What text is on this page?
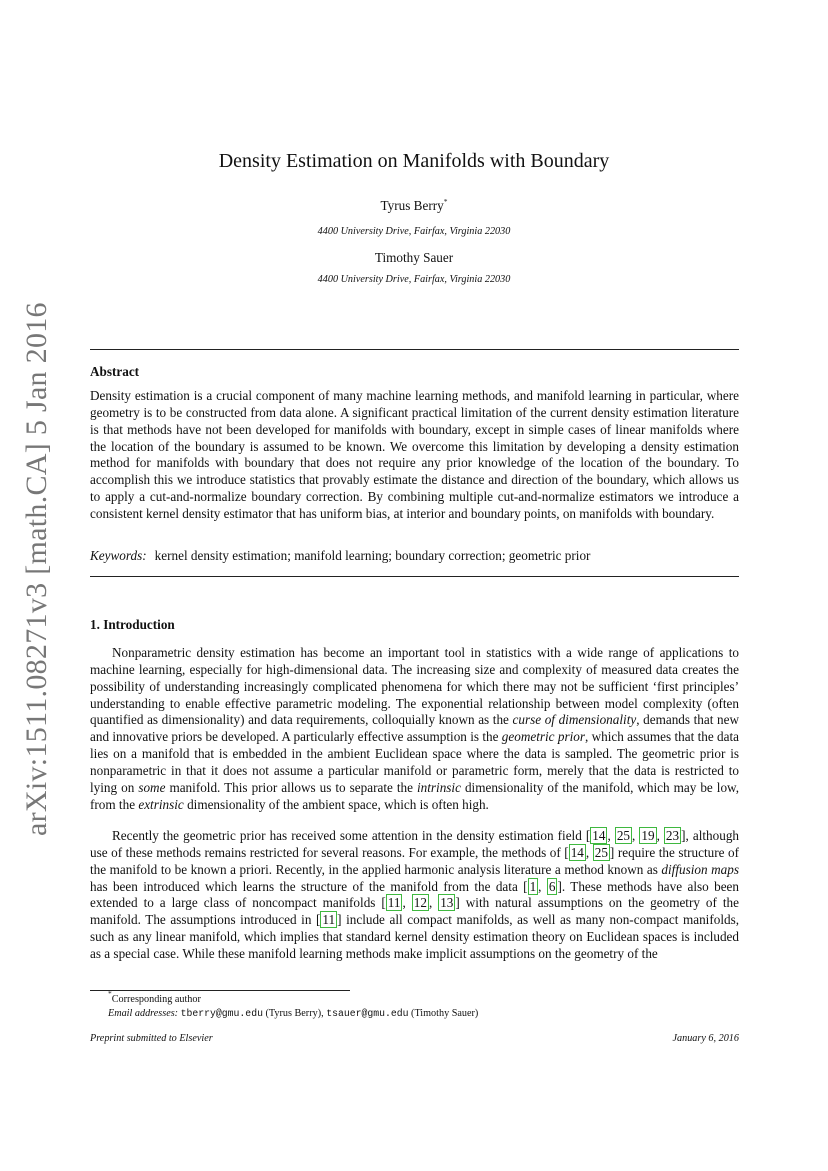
arXiv:1511.08271v3 [math.CA] 5 Jan 2016
Density Estimation on Manifolds with Boundary
Tyrus Berry*
4400 University Drive, Fairfax, Virginia 22030
Timothy Sauer
4400 University Drive, Fairfax, Virginia 22030
Abstract
Density estimation is a crucial component of many machine learning methods, and manifold learning in particular, where geometry is to be constructed from data alone. A significant practical limitation of the current density estimation literature is that methods have not been developed for manifolds with boundary, except in simple cases of linear manifolds where the location of the boundary is assumed to be known. We overcome this limitation by developing a density estimation method for manifolds with boundary that does not require any prior knowledge of the location of the boundary. To accomplish this we introduce statistics that provably estimate the distance and direction of the boundary, which allows us to apply a cut-and-normalize boundary correction. By combining multiple cut-and-normalize estimators we introduce a consistent kernel density estimator that has uniform bias, at interior and boundary points, on manifolds with boundary.
Keywords: kernel density estimation; manifold learning; boundary correction; geometric prior
1. Introduction
Nonparametric density estimation has become an important tool in statistics with a wide range of applications to machine learning, especially for high-dimensional data. The increasing size and complexity of measured data creates the possibility of understanding increasingly complicated phenomena for which there may not be sufficient ‘first principles’ understanding to enable effective parametric modeling. The exponential relationship between model complexity (often quantified as dimensionality) and data requirements, colloquially known as the curse of dimensionality, demands that new and innovative priors be developed. A particularly effective assumption is the geometric prior, which assumes that the data lies on a manifold that is embedded in the ambient Euclidean space where the data is sampled. The geometric prior is nonparametric in that it does not assume a particular manifold or parametric form, merely that the data is restricted to lying on some manifold. This prior allows us to separate the intrinsic dimensionality of the manifold, which may be low, from the extrinsic dimensionality of the ambient space, which is often high.
Recently the geometric prior has received some attention in the density estimation field [ 14 , 25 , 19 , 23 ], although use of these methods remains restricted for several reasons. For example, the methods of [ 14 , 25 ] require the structure of the manifold to be known a priori. Recently, in the applied harmonic analysis literature a method known as diffusion maps has been introduced which learns the structure of the manifold from the data [ 1 , 6 ]. These methods have also been extended to a large class of noncompact manifolds [ 11 , 12 , 13 ] with natural assumptions on the geometry of the manifold. The assumptions introduced in [ 11 ] include all compact manifolds, as well as many non-compact manifolds, such as any linear manifold, which implies that standard kernel density estimation theory on Euclidean spaces is included as a special case. While these manifold learning methods make implicit assumptions on the geometry of the
*Corresponding author
Email addresses: tberry@gmu.edu (Tyrus Berry), tsauer@gmu.edu (Timothy Sauer)
Preprint submitted to Elsevier	January 6, 2016
